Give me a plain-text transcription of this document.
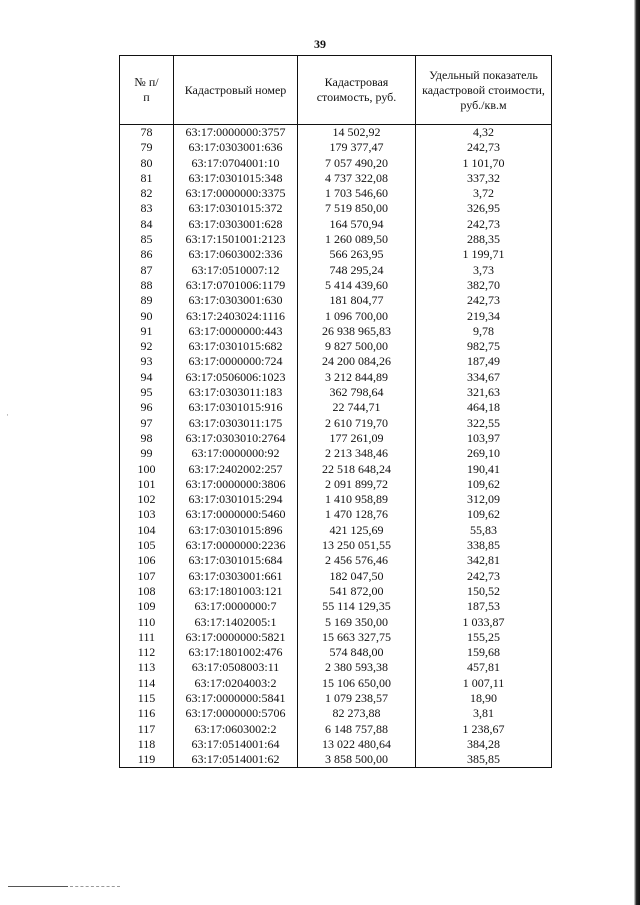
39
№ п/п	Кадастровый номер	Кадастровая стоимость, руб.	Удельный показатель кадастровой стоимости, руб./кв.м
78	63:17:0000000:3757	14 502,92	4,32
79	63:17:0303001:636	179 377,47	242,73
80	63:17:0704001:10	7 057 490,20	1 101,70
81	63:17:0301015:348	4 737 322,08	337,32
82	63:17:0000000:3375	1 703 546,60	3,72
83	63:17:0301015:372	7 519 850,00	326,95
84	63:17:0303001:628	164 570,94	242,73
85	63:17:1501001:2123	1 260 089,50	288,35
86	63:17:0603002:336	566 263,95	1 199,71
87	63:17:0510007:12	748 295,24	3,73
88	63:17:0701006:1179	5 414 439,60	382,70
89	63:17:0303001:630	181 804,77	242,73
90	63:17:2403024:1116	1 096 700,00	219,34
91	63:17:0000000:443	26 938 965,83	9,78
92	63:17:0301015:682	9 827 500,00	982,75
93	63:17:0000000:724	24 200 084,26	187,49
94	63:17:0506006:1023	3 212 844,89	334,67
95	63:17:0303011:183	362 798,64	321,63
96	63:17:0301015:916	22 744,71	464,18
97	63:17:0303011:175	2 610 719,70	322,55
98	63:17:0303010:2764	177 261,09	103,97
99	63:17:0000000:92	2 213 348,46	269,10
100	63:17:2402002:257	22 518 648,24	190,41
101	63:17:0000000:3806	2 091 899,72	109,62
102	63:17:0301015:294	1 410 958,89	312,09
103	63:17:0000000:5460	1 470 128,76	109,62
104	63:17:0301015:896	421 125,69	55,83
105	63:17:0000000:2236	13 250 051,55	338,85
106	63:17:0301015:684	2 456 576,46	342,81
107	63:17:0303001:661	182 047,50	242,73
108	63:17:1801003:121	541 872,00	150,52
109	63:17:0000000:7	55 114 129,35	187,53
110	63:17:1402005:1	5 169 350,00	1 033,87
111	63:17:0000000:5821	15 663 327,75	155,25
112	63:17:1801002:476	574 848,00	159,68
113	63:17:0508003:11	2 380 593,38	457,81
114	63:17:0204003:2	15 106 650,00	1 007,11
115	63:17:0000000:5841	1 079 238,57	18,90
116	63:17:0000000:5706	82 273,88	3,81
117	63:17:0603002:2	6 148 757,88	1 238,67
118	63:17:0514001:64	13 022 480,64	384,28
119	63:17:0514001:62	3 858 500,00	385,85
·
